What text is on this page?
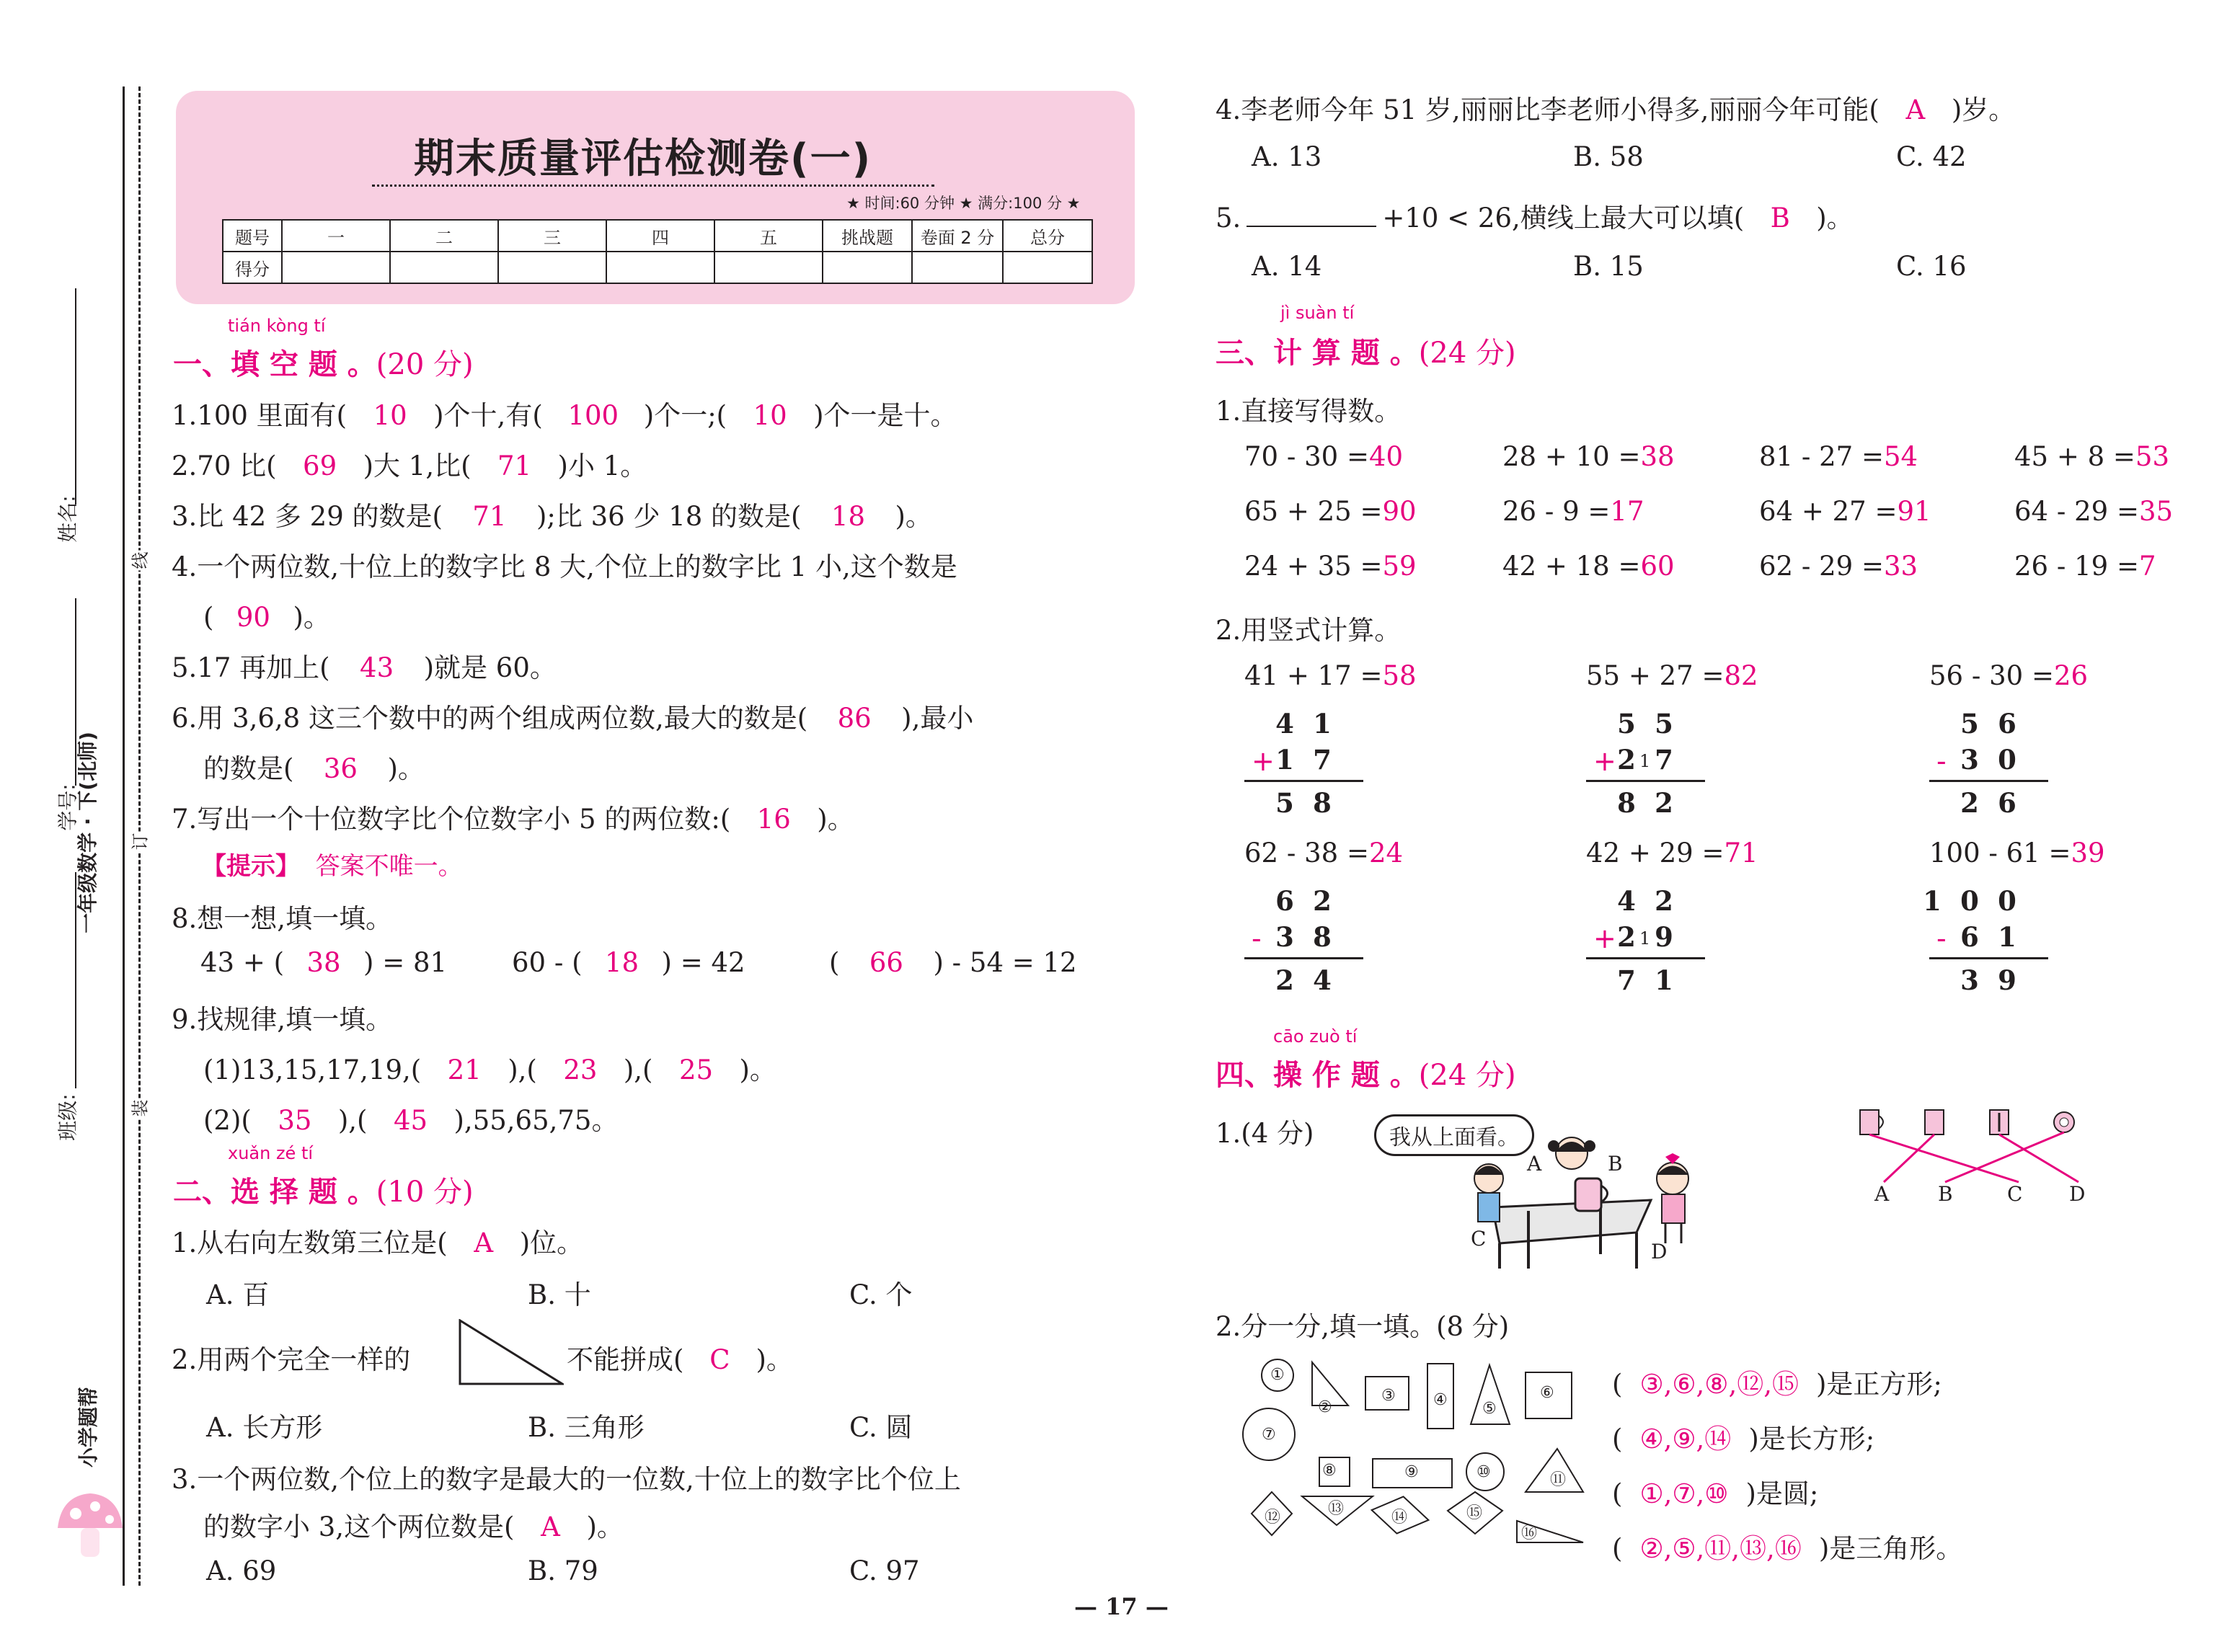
线
订
装
姓名:
学号:
班级:
一年级数学 · 下(北师)
小学题帮
期末质量评估检测卷(一)
★ 时间:60 分钟 ★ 满分:100 分 ★
题号	一	二	三	四	五	挑战题	卷面 2 分	总分
得分								
tián kòng tí
一、填 空 题 。(20 分)
1.100 里面有( 10 )个十,有( 100 )个一;( 10 )个一是十。
2.70 比( 69 )大 1,比( 71 )小 1。
3.比 42 多 29 的数是( 71 );比 36 少 18 的数是( 18 )。
4.一个两位数,十位上的数字比 8 大,个位上的数字比 1 小,这个数是
( 90 )。
5.17 再加上( 43 )就是 60。
6.用 3,6,8 这三个数中的两个组成两位数,最大的数是( 86 ),最小
的数是( 36 )。
7.写出一个十位数字比个位数字小 5 的两位数:( 16 )。
【提示】 答案不唯一。
8.想一想,填一填。
43 + ( 38 ) = 81 60 - ( 18 ) = 42	( 66 ) - 54 = 12
9.找规律,填一填。
(1)13,15,17,19,( 21 ),( 23 ),( 25 )。
(2)( 35 ),( 45 ),55,65,75。
xuǎn zé tí
二、选 择 题 。(10 分)
1.从右向左数第三位是( A )位。
A. 百	B. 十	C. 个
2.用两个完全一样的	不能拼成( C )。
A. 长方形	B. 三角形	C. 圆
3.一个两位数,个位上的数字是最大的一位数,十位上的数字比个位上
的数字小 3,这个两位数是( A )。
A. 69	B. 79	C. 97
4.李老师今年 51 岁,丽丽比李老师小得多,丽丽今年可能( A )岁。
A. 13	B. 58	C. 42
5.	+10 < 26,横线上最大可以填( B )。
A. 14	B. 15	C. 16
jì suàn tí
三、计 算 题 。(24 分)
1.直接写得数。
70 - 30 =40	28 + 10 =38	81 - 27 =54	45 + 8 =53
65 + 25 =90	26 - 9 =17	64 + 27 =91	64 - 29 =35
24 + 35 =59	42 + 18 =60	62 - 29 =33	26 - 19 =7
2.用竖式计算。
41 + 17 =58
4 1
+ 1 7
5 8
55 + 27 =82
5 5
+ 2 7
1
8 2
56 - 30 =26
5 6
- 3 0
2 6
62 - 38 =24
6 2
- 3 8
2 4
42 + 29 =71
4 2
+ 2 9
1
7 1
100 - 61 =39
1 0 0
- 6 1
3 9
cāo zuò tí
四、操 作 题 。(24 分)
1.(4 分)	我从上面看。
A	B
C
D
A B	C D
2.分一分,填一填。(8 分)
①
②
③ ④ ⑤
⑥
⑦
⑧	⑨	⑩	⑪
⑫	⑬	⑭	⑮
⑯
( ③,⑥,⑧,⑫,⑮ )是正方形;
( ④,⑨,⑭ )是长方形;
( ①,⑦,⑩ )是圆;
( ②,⑤,⑪,⑬,⑯ )是三角形。
— 17 —
